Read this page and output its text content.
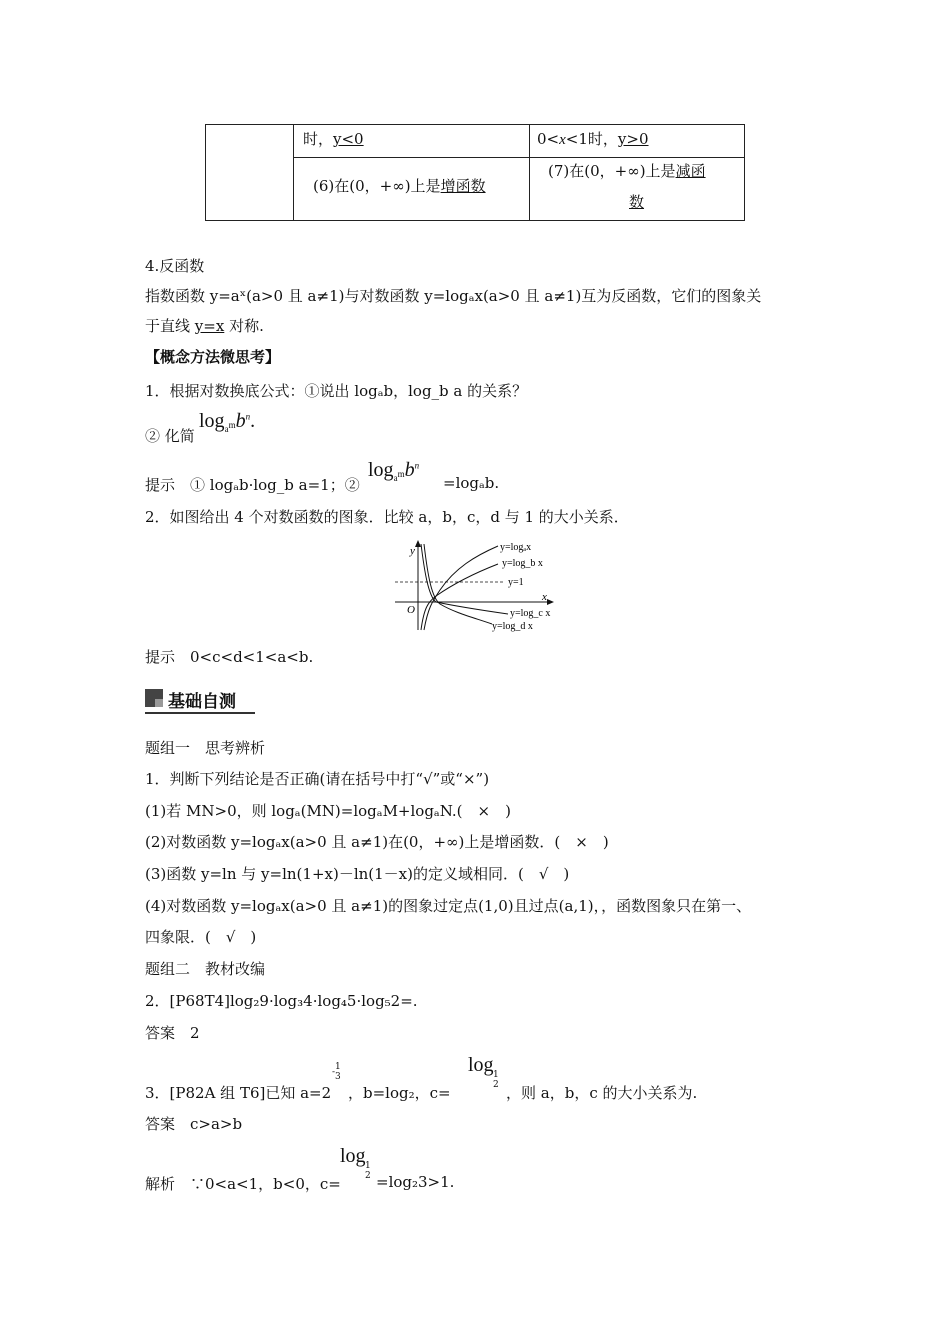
时，y<0	0<x<1时，y>0
(6)在(0，+∞)上是增函数
(7)在(0，+∞)上是减函
数
4.反函数
指数函数 y=aˣ(a>0 且 a≠1)与对数函数 y=logₐx(a>0 且 a≠1)互为反函数，它们的图象关
于直线 y=x 对称.
【概念方法微思考】
1．根据对数换底公式：①说出 logₐb，log_b a 的关系？
② 化简
$\log_{a^m}b^n$.
提示　① logₐb·log_b a=1；②
$\log_{a^m}b^n$
=logₐb.
2．如图给出 4 个对数函数的图象．比较 a，b，c，d 与 1 的大小关系．
y
x
O
y=logₐx
y=log_b x
y=1
y=log_c x
y=log_d x
提示　0<c<d<1<a<b.
基础自测
题组一　思考辨析
1．判断下列结论是否正确(请在括号中打“√”或“×”)
(1)若 MN>0，则 logₐ(MN)=logₐM+logₐN.(　×　)
(2)对数函数 y=logₐx(a>0 且 a≠1)在(0，+∞)上是增函数．(　×　)
(3)函数 y=ln 与 y=ln(1+x)－ln(1－x)的定义域相同．(　√　)
(4)对数函数 y=logₐx(a>0 且 a≠1)的图象过定点(1,0)且过点(a,1)，，函数图象只在第一、
四象限．(　√　)
题组二　教材改编
2．[P68T4]log₂9·log₃4·log₄5·log₅2=.
答案　2
3．[P82A 组 T6]已知 a=2
-1
3
，b=log₂，c=
log 1
2 ，则 a，b，c 的大小关系为.
答案　c>a>b
解析　∵0<a<1，b<0，c=
log 1
2 =log₂3>1.
